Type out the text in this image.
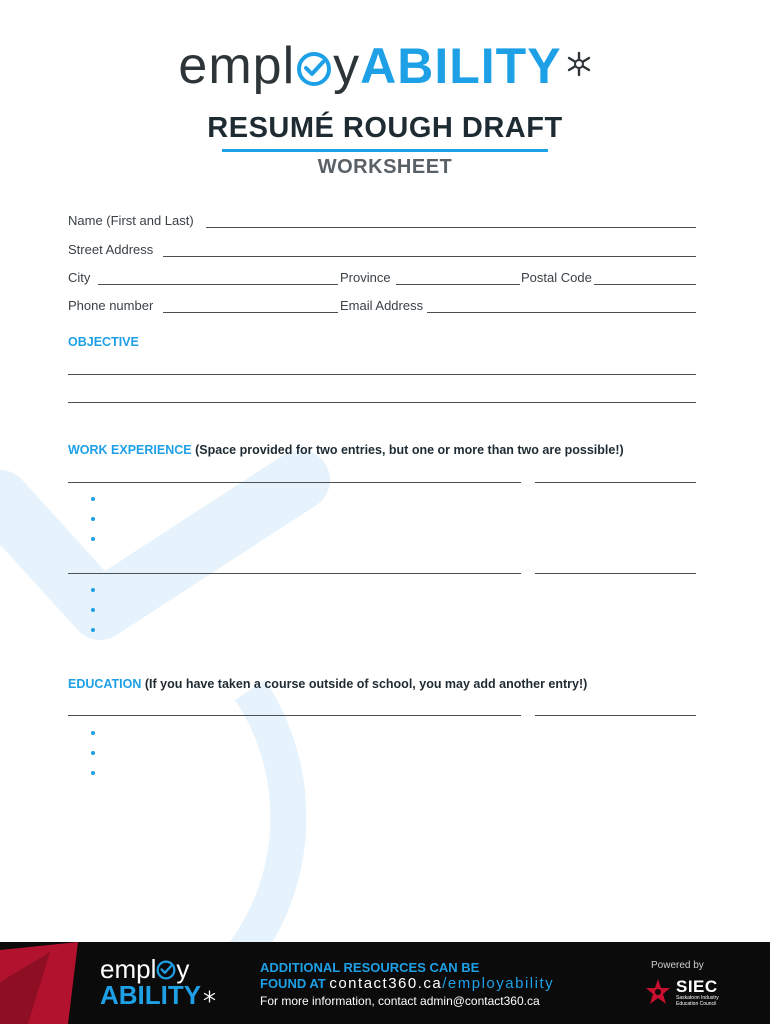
empl yABILITY
RESUMÉ ROUGH DRAFT
WORKSHEET
Name (First and Last)
Street Address
City	Province	Postal Code
Phone number	Email Address
OBJECTIVE
WORK EXPERIENCE (Space provided for two entries, but one or more than two are possible!)
EDUCATION (If you have taken a course outside of school, you may add another entry!)
empl y
ABILITY
ADDITIONAL RESOURCES CAN BE
FOUND AT contact360.ca/employability
For more information, contact admin@contact360.ca
Powered by
SIEC
Saskatoon Industry
Education Council
